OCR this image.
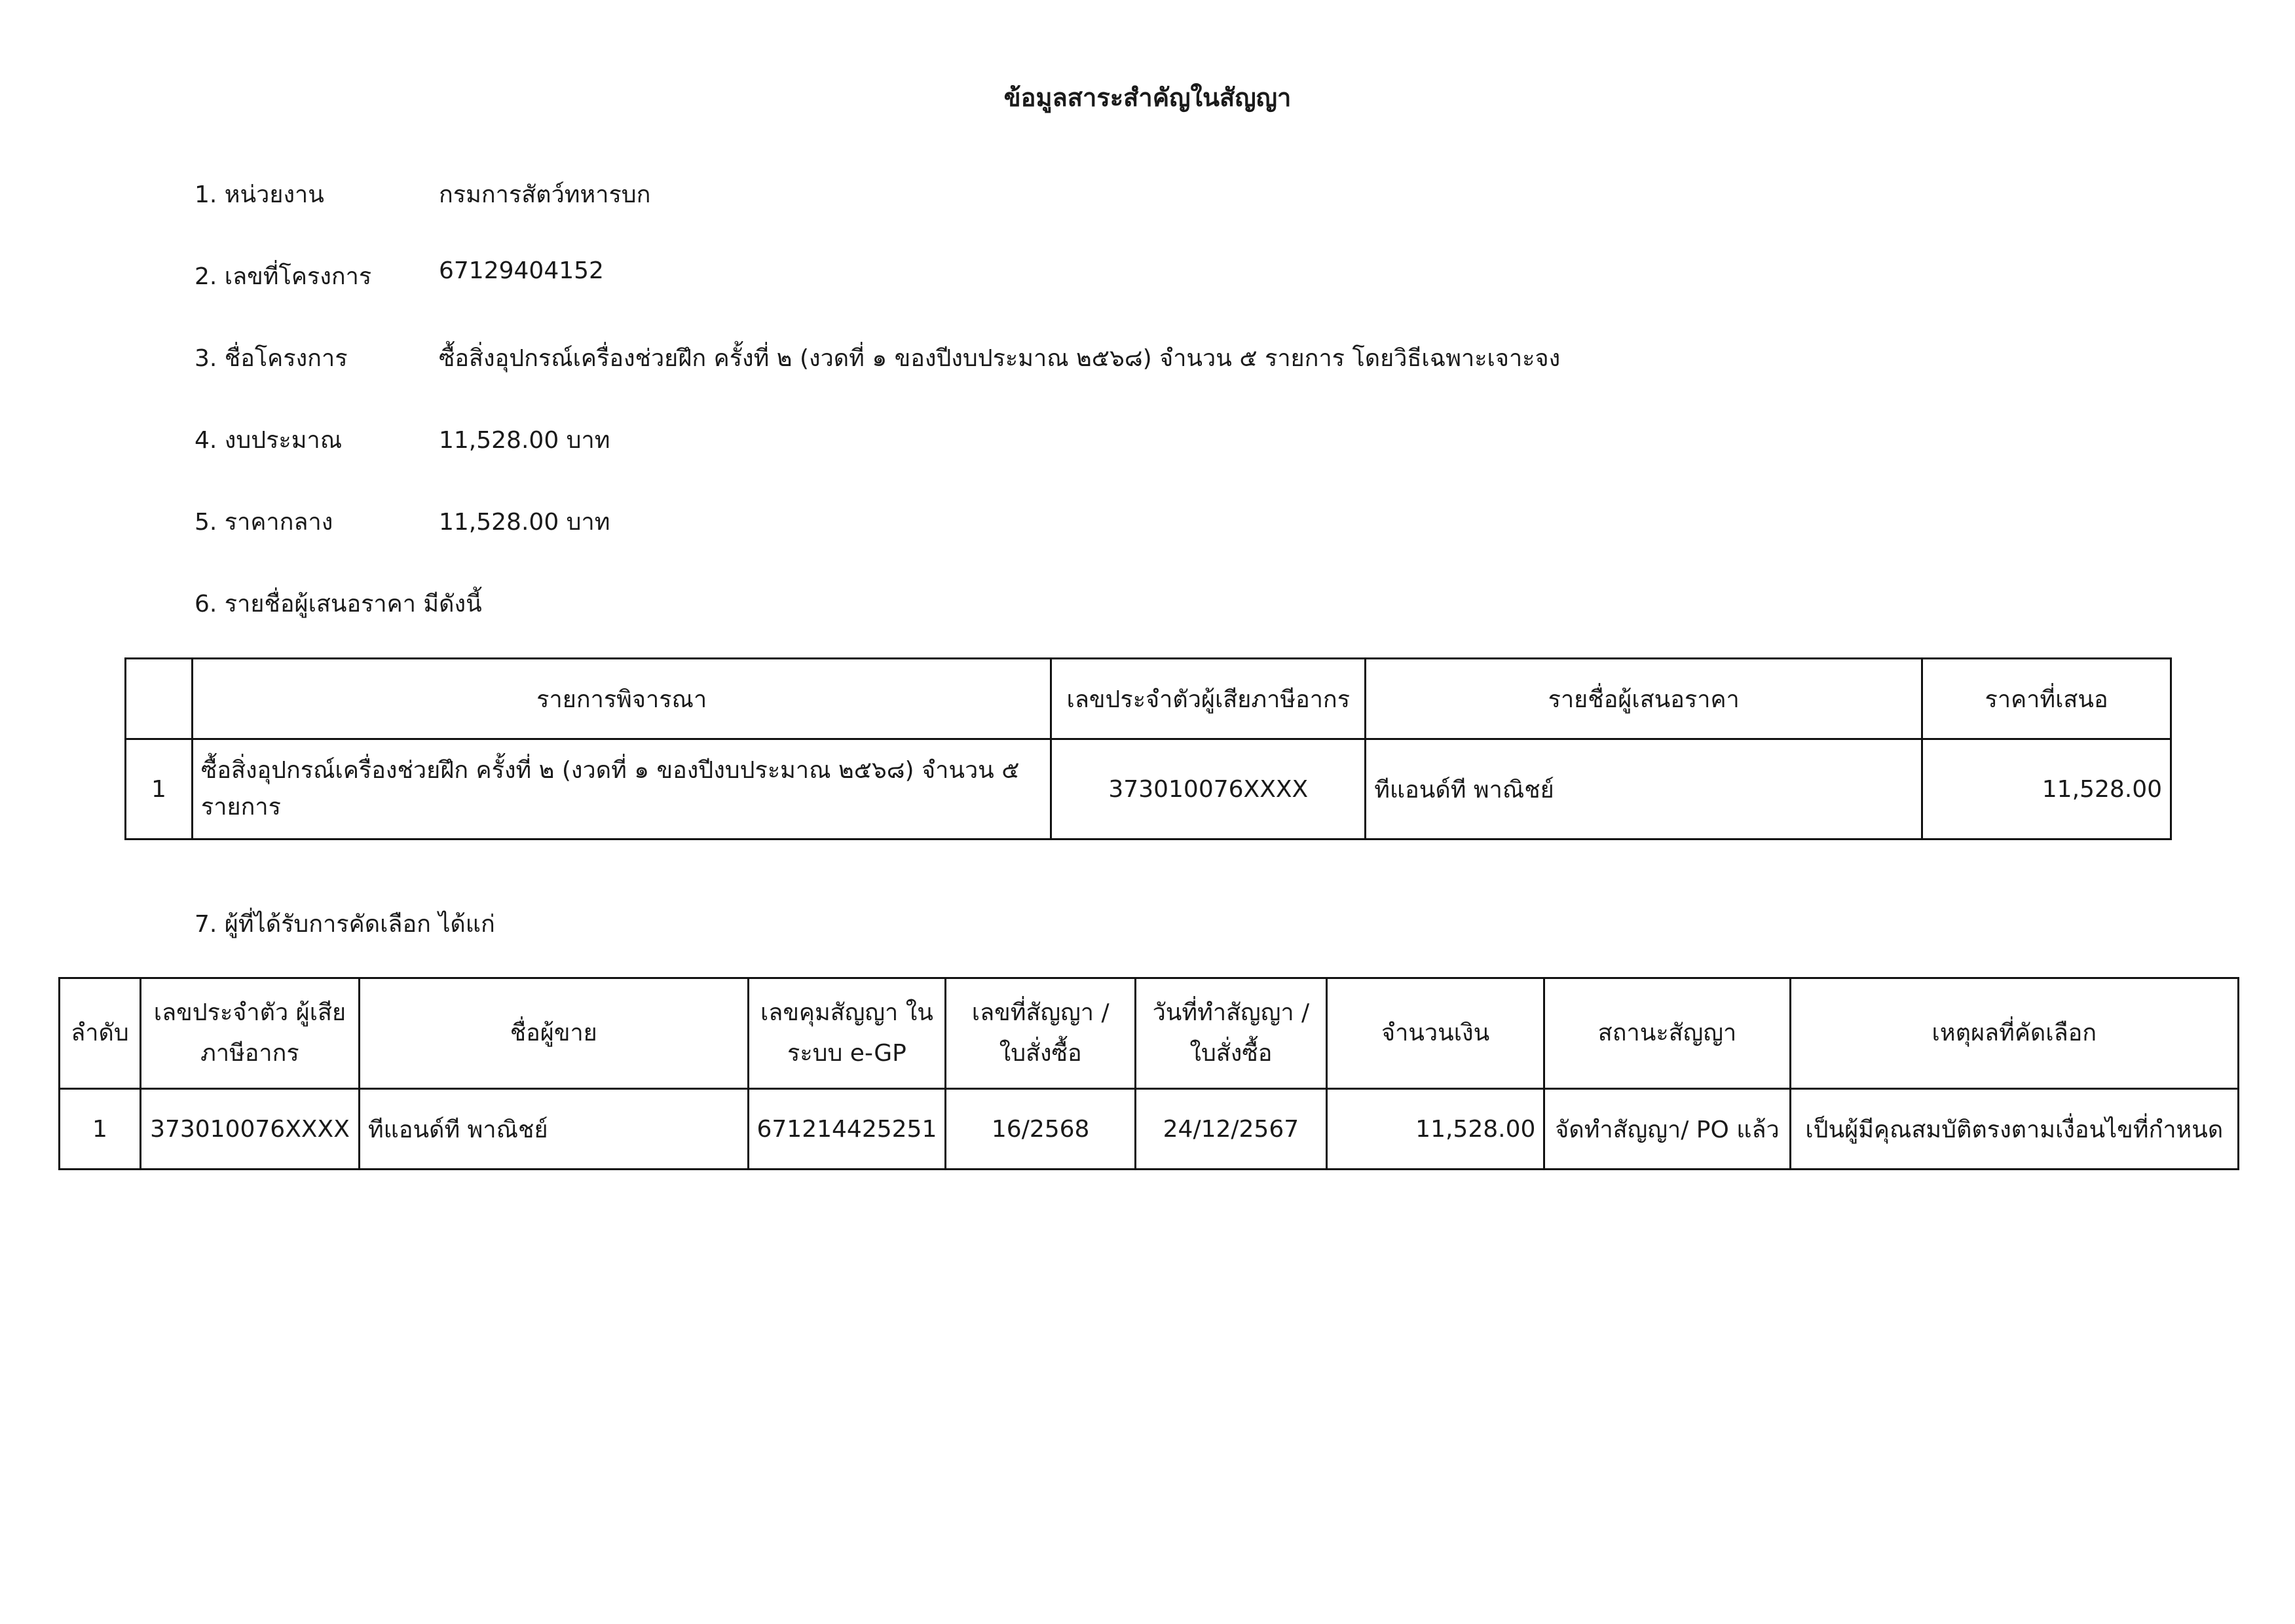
ข้อมูลสาระสำคัญในสัญญา
1. หน่วยงาน	กรมการสัตว์ทหารบก
2. เลขที่โครงการ	67129404152
3. ชื่อโครงการ	ซื้อสิ่งอุปกรณ์เครื่องช่วยฝึก ครั้งที่ ๒ (งวดที่ ๑ ของปีงบประมาณ ๒๕๖๘) จำนวน ๕ รายการ โดยวิธีเฉพาะเจาะจง
4. งบประมาณ	11,528.00 บาท
5. ราคากลาง	11,528.00 บาท
6. รายชื่อผู้เสนอราคา มีดังนี้
	รายการพิจารณา	เลขประจำตัวผู้เสียภาษีอากร	รายชื่อผู้เสนอราคา	ราคาที่เสนอ
1	ซื้อสิ่งอุปกรณ์เครื่องช่วยฝึก ครั้งที่ ๒ (งวดที่ ๑ ของปีงบประมาณ ๒๕๖๘) จำนวน ๕ รายการ	373010076XXXX	ทีแอนด์ที พาณิชย์	11,528.00
7. ผู้ที่ได้รับการคัดเลือก ได้แก่
ลำดับ	เลขประจำตัว ผู้เสียภาษีอากร	ชื่อผู้ขาย	เลขคุมสัญญา ในระบบ e-GP	เลขที่สัญญา / ใบสั่งซื้อ	วันที่ทำสัญญา / ใบสั่งซื้อ	จำนวนเงิน	สถานะสัญญา	เหตุผลที่คัดเลือก
1	373010076XXXX	ทีแอนด์ที พาณิชย์	671214425251	16/2568	24/12/2567	11,528.00	จัดทำสัญญา/ PO แล้ว	เป็นผู้มีคุณสมบัติตรงตามเงื่อนไขที่กำหนด
